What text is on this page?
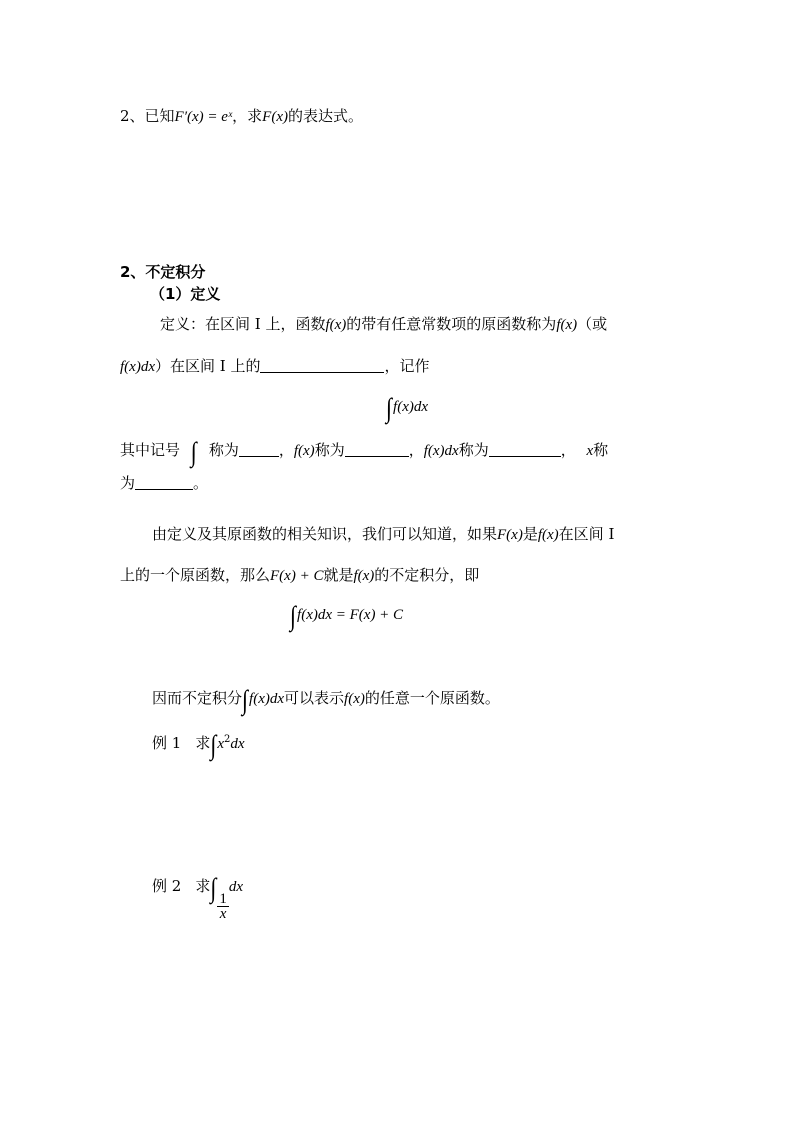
2、已知F′(x) = eˣ，求F(x)的表达式。
2、不定积分
（1）定义
定义：在区间 I 上，函数f(x)的带有任意常数项的原函数称为f(x)（或
f(x)dx）在区间 I 上的	，记作
∫f(x)dx
其中记号 ∫ 称为	，f(x)称为	，f(x)dx称为	， x称
为	。
由定义及其原函数的相关知识，我们可以知道，如果F(x)是f(x)在区间 I
上的一个原函数，那么F(x) + C就是f(x)的不定积分，即
∫f(x)dx = F(x) + C
因而不定积分∫f(x)dx可以表示f(x)的任意一个原函数。
例 1 求$\int x^2dx$
例 2 求∫
$\frac{1}{x}$
dx
